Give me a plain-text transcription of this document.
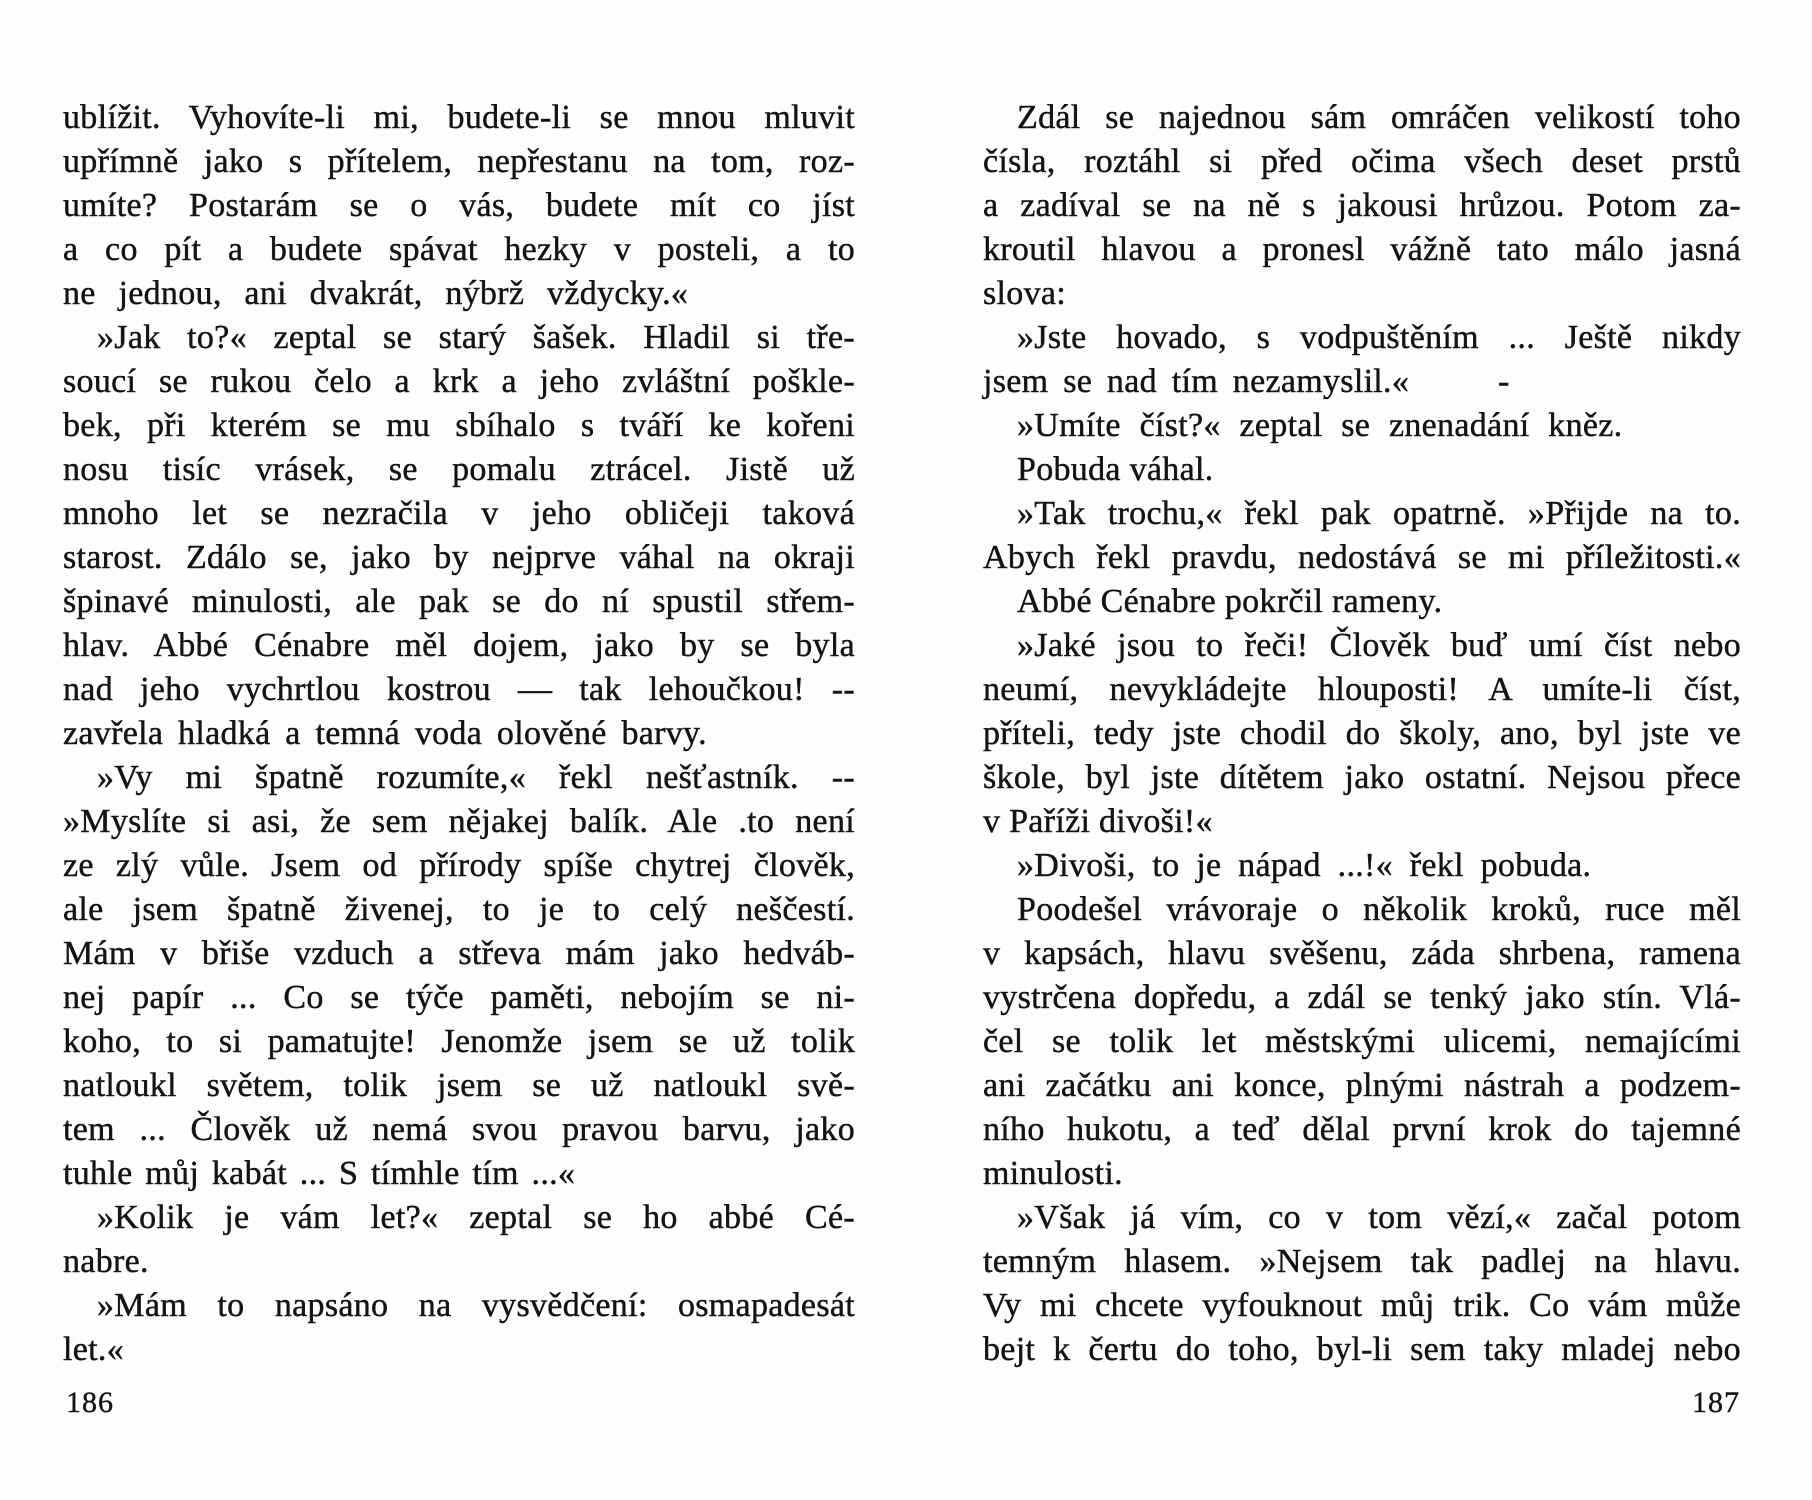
ublížit. Vyhovíte-li mi, budete-li se mnou mluvit
upřímně jako s přítelem, nepřestanu na tom, roz-
umíte? Postarám se o vás, budete mít co jíst
a co pít a budete spávat hezky v posteli, a to
ne jednou, ani dvakrát, nýbrž vždycky.«
»Jak to?« zeptal se starý šašek. Hladil si tře-
soucí se rukou čelo a krk a jeho zvláštní poškle-
bek, při kterém se mu sbíhalo s tváří ke kořeni
nosu tisíc vrásek, se pomalu ztrácel. Jistě už
mnoho let se nezračila v jeho obličeji taková
starost. Zdálo se, jako by nejprve váhal na okraji
špinavé minulosti, ale pak se do ní spustil střem-
hlav. Abbé Cénabre měl dojem, jako by se byla
nad jeho vychrtlou kostrou — tak lehoučkou! --
zavřela hladká a temná voda olověné barvy.
»Vy mi špatně rozumíte,« řekl nešťastník. --
»Myslíte si asi, že sem nějakej balík. Ale .to není
ze zlý vůle. Jsem od přírody spíše chytrej člověk,
ale jsem špatně živenej, to je to celý neščestí.
Mám v břiše vzduch a střeva mám jako hedváb-
nej papír ... Co se týče paměti, nebojím se ni-
koho, to si pamatujte! Jenomže jsem se už tolik
natloukl světem, tolik jsem se už natloukl svě-
tem ... Člověk už nemá svou pravou barvu, jako
tuhle můj kabát ... S tímhle tím ...«
»Kolik je vám let?« zeptal se ho abbé Cé-
nabre.
»Mám to napsáno na vysvědčení: osmapadesát
let.«
Zdál se najednou sám omráčen velikostí toho
čísla, roztáhl si před očima všech deset prstů
a zadíval se na ně s jakousi hrůzou. Potom za-
kroutil hlavou a pronesl vážně tato málo jasná
slova:
»Jste hovado, s vodpuštěním ... Ještě nikdy
jsem se nad tím nezamyslil.«      -
»Umíte číst?« zeptal se znenadání kněz.
Pobuda váhal.
»Tak trochu,« řekl pak opatrně. »Přijde na to.
Abych řekl pravdu, nedostává se mi příležitosti.«
Abbé Cénabre pokrčil rameny.
»Jaké jsou to řeči! Člověk buď umí číst nebo
neumí, nevykládejte hlouposti! A umíte-li číst,
příteli, tedy jste chodil do školy, ano, byl jste ve
škole, byl jste dítětem jako ostatní. Nejsou přece
v Paříži divoši!«
»Divoši, to je nápad ...!« řekl pobuda.
Poodešel vrávoraje o několik kroků, ruce měl
v kapsách, hlavu svěšenu, záda shrbena, ramena
vystrčena dopředu, a zdál se tenký jako stín. Vlá-
čel se tolik let městskými ulicemi, nemajícími
ani začátku ani konce, plnými nástrah a podzem-
ního hukotu, a teď dělal první krok do tajemné
minulosti.
»Však já vím, co v tom vězí,« začal potom
temným hlasem. »Nejsem tak padlej na hlavu.
Vy mi chcete vyfouknout můj trik. Co vám může
bejt k čertu do toho, byl-li sem taky mladej nebo
186	187
